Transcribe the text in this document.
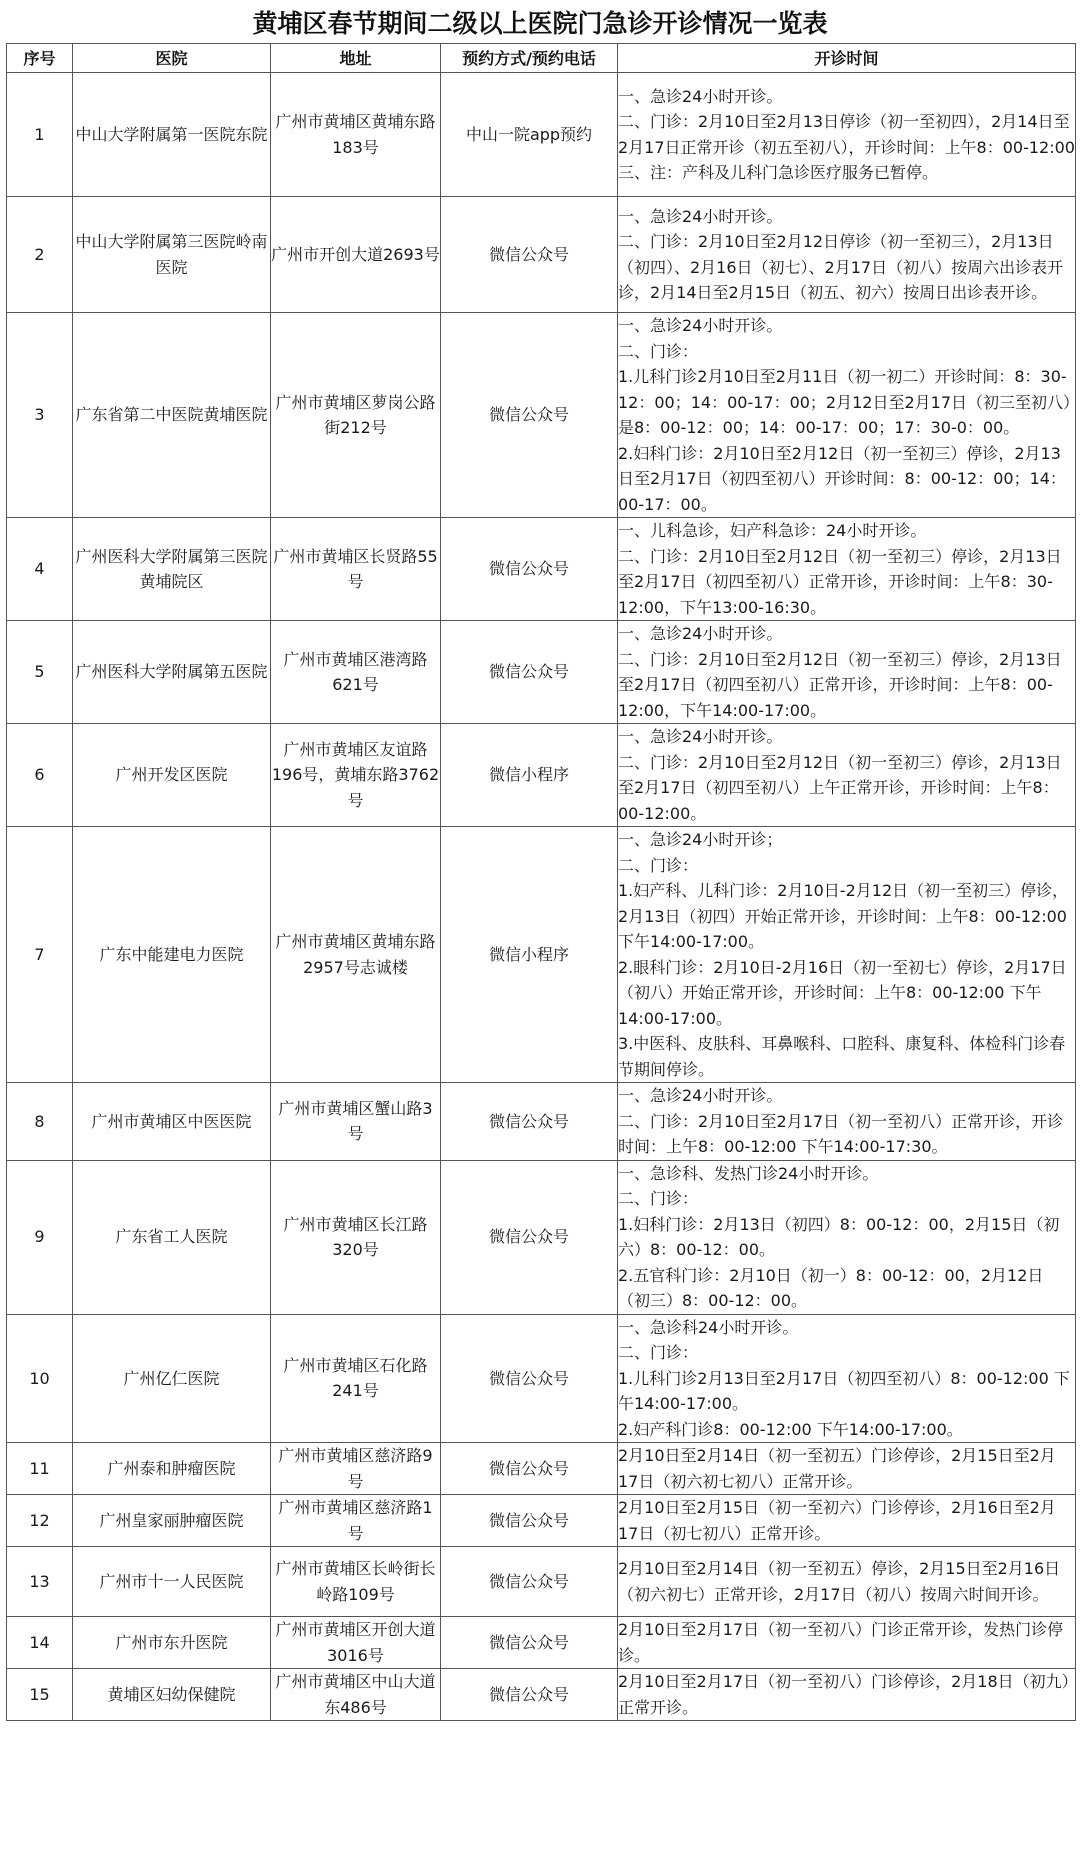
黄埔区春节期间二级以上医院门急诊开诊情况一览表
序号	医院	地址	预约方式/预约电话	开诊时间
1	中山大学附属第一医院东院	广州市黄埔区黄埔东路183号	中山一院app预约	一、急诊24小时开诊。
二、门诊：2月10日至2月13日停诊（初一至初四），2月14日至2月17日正常开诊（初五至初八），开诊时间：上午8：00-12:00
三、注：产科及儿科门急诊医疗服务已暂停。

2	中山大学附属第三医院岭南医院	广州市开创大道2693号	微信公众号	一、急诊24小时开诊。
二、门诊：2月10日至2月12日停诊（初一至初三），2月13日（初四）、2月16日（初七）、2月17日（初八）按周六出诊表开诊，2月14日至2月15日（初五、初六）按周日出诊表开诊。

3	广东省第二中医院黄埔医院	广州市黄埔区萝岗公路街212号	微信公众号	一、急诊24小时开诊。
二、门诊：
1.儿科门诊2月10日至2月11日（初一初二）开诊时间：8：30-12：00；14：00-17：00；2月12日至2月17日（初三至初八）是8：00-12：00；14：00-17：00；17：30-0：00。
2.妇科门诊：2月10日至2月12日（初一至初三）停诊，2月13日至2月17日（初四至初八）开诊时间：8：00-12：00；14：00-17：00。

4	广州医科大学附属第三医院黄埔院区	广州市黄埔区长贤路55号	微信公众号	一、儿科急诊，妇产科急诊：24小时开诊。
二、门诊：2月10日至2月12日（初一至初三）停诊，2月13日至2月17日（初四至初八）正常开诊，开诊时间：上午8：30-12:00，下午13:00-16:30。

5	广州医科大学附属第五医院	广州市黄埔区港湾路621号	微信公众号	一、急诊24小时开诊。
二、门诊：2月10日至2月12日（初一至初三）停诊，2月13日至2月17日（初四至初八）正常开诊，开诊时间：上午8：00-12:00，下午14:00-17:00。

6	广州开发区医院	广州市黄埔区友谊路196号，黄埔东路3762号	微信小程序	一、急诊24小时开诊。
二、门诊：2月10日至2月12日（初一至初三）停诊，2月13日至2月17日（初四至初八）上午正常开诊，开诊时间：上午8：00-12:00。

7	广东中能建电力医院	广州市黄埔区黄埔东路2957号志诚楼	微信小程序	一、急诊24小时开诊；
二、门诊：
1.妇产科、儿科门诊：2月10日-2月12日（初一至初三）停诊，2月13日（初四）开始正常开诊，开诊时间：上午8：00-12:00 下午14:00-17:00。
2.眼科门诊：2月10日-2月16日（初一至初七）停诊，2月17日（初八）开始正常开诊，开诊时间：上午8：00-12:00 下午14:00-17:00。
3.中医科、皮肤科、耳鼻喉科、口腔科、康复科、体检科门诊春节期间停诊。

8	广州市黄埔区中医医院	广州市黄埔区蟹山路3号	微信公众号	一、急诊24小时开诊。
二、门诊：2月10日至2月17日（初一至初八）正常开诊，开诊时间：上午8：00-12:00 下午14:00-17:30。

9	广东省工人医院	广州市黄埔区长江路320号	微信公众号	一、急诊科、发热门诊24小时开诊。
二、门诊：
1.妇科门诊：2月13日（初四）8：00-12：00，2月15日（初六）8：00-12：00。
2.五官科门诊：2月10日（初一）8：00-12：00，2月12日（初三）8：00-12：00。

10	广州亿仁医院	广州市黄埔区石化路241号	微信公众号	一、急诊科24小时开诊。
二、门诊：
1.儿科门诊2月13日至2月17日（初四至初八）8：00-12:00 下午14:00-17:00。
2.妇产科门诊8：00-12:00 下午14:00-17:00。

11	广州泰和肿瘤医院	广州市黄埔区慈济路9号	微信公众号	2月10日至2月14日（初一至初五）门诊停诊，2月15日至2月17日（初六初七初八）正常开诊。

12	广州皇家丽肿瘤医院	广州市黄埔区慈济路1号	微信公众号	2月10日至2月15日（初一至初六）门诊停诊，2月16日至2月17日（初七初八）正常开诊。

13	广州市十一人民医院	广州市黄埔区长岭街长岭路109号	微信公众号	2月10日至2月14日（初一至初五）停诊，2月15日至2月16日（初六初七）正常开诊，2月17日（初八）按周六时间开诊。

14	广州市东升医院	广州市黄埔区开创大道3016号	微信公众号	2月10日至2月17日（初一至初八）门诊正常开诊，发热门诊停诊。

15	黄埔区妇幼保健院	广州市黄埔区中山大道东486号	微信公众号	2月10日至2月17日（初一至初八）门诊停诊，2月18日（初九）正常开诊。
